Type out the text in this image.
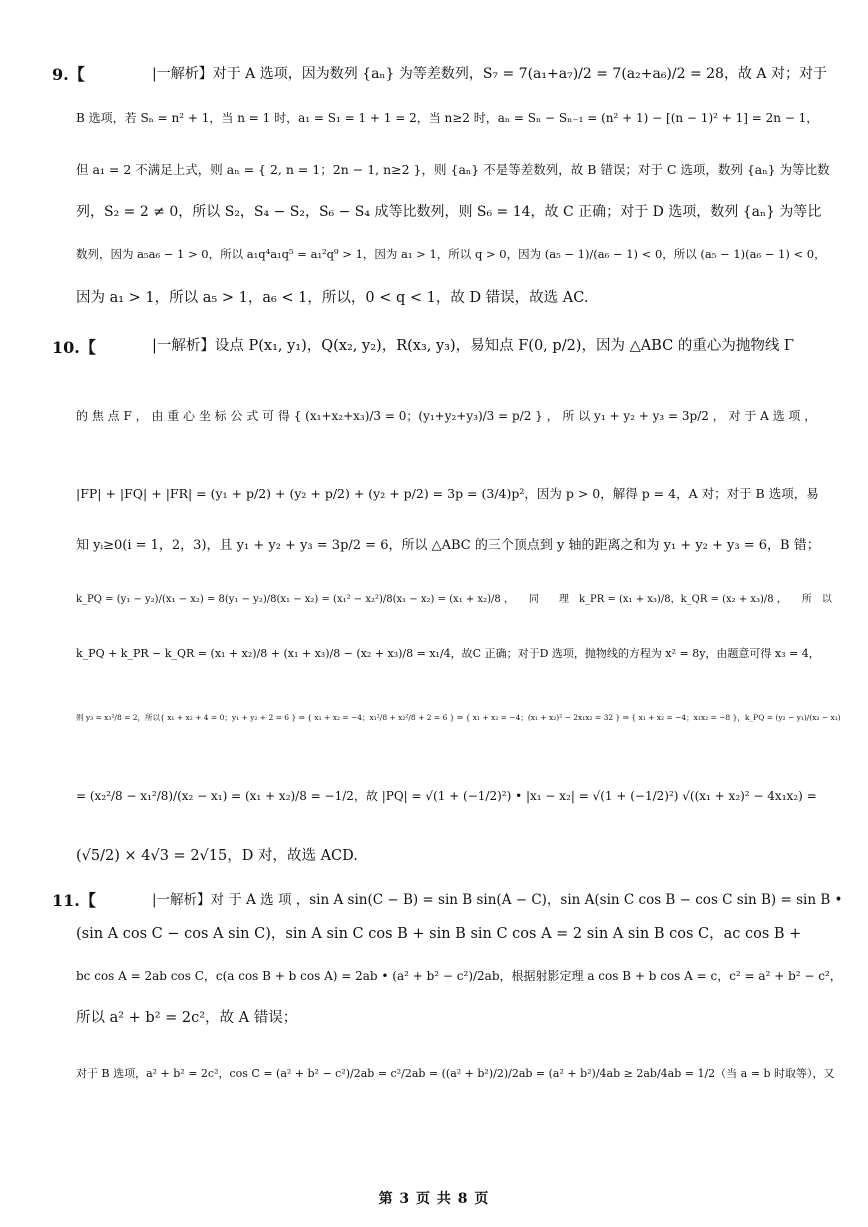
9.【	|一解析】对于 A 选项，因为数列 {aₙ} 为等差数列，S₇ = 7(a₁+a₇)/2 = 7(a₂+a₆)/2 = 28，故 A 对；对于
B 选项，若 Sₙ = n² + 1，当 n = 1 时，a₁ = S₁ = 1 + 1 = 2，当 n≥2 时，aₙ = Sₙ − Sₙ₋₁ = (n² + 1) − [(n − 1)² + 1] = 2n − 1，
但 a₁ = 2 不满足上式，则 aₙ = { 2, n = 1；2n − 1, n≥2 }，则 {aₙ} 不是等差数列，故 B 错误；对于 C 选项，数列 {aₙ} 为等比数
列，S₂ = 2 ≠ 0，所以 S₂，S₄ − S₂，S₆ − S₄ 成等比数列，则 S₆ = 14，故 C 正确；对于 D 选项，数列 {aₙ} 为等比
数列，因为 a₅a₆ − 1 > 0，所以 a₁q⁴a₁q⁵ = a₁²q⁹ > 1，因为 a₁ > 1，所以 q > 0，因为 (a₅ − 1)/(a₆ − 1) < 0，所以 (a₅ − 1)(a₆ − 1) < 0，
因为 a₁ > 1，所以 a₅ > 1，a₆ < 1，所以，0 < q < 1，故 D 错误，故选 AC.
10.【	|一解析】设点 P(x₁, y₁)，Q(x₂, y₂)，R(x₃, y₃)，易知点 F(0, p/2)，因为 △ABC 的重心为抛物线 Γ
的 焦 点 F ， 由 重 心 坐 标 公 式 可 得 { (x₁+x₂+x₃)/3 = 0；(y₁+y₂+y₃)/3 = p/2 } ， 所 以 y₁ + y₂ + y₃ = 3p/2 ， 对 于 A 选 项 ，
|FP| + |FQ| + |FR| = (y₁ + p/2) + (y₂ + p/2) + (y₂ + p/2) = 3p = (3/4)p²，因为 p > 0，解得 p = 4，A 对；对于 B 选项，易
知 yᵢ≥0(i = 1，2，3)，且 y₁ + y₂ + y₃ = 3p/2 = 6，所以 △ABC 的三个顶点到 y 轴的距离之和为 y₁ + y₂ + y₃ = 6，B 错；
k_PQ = (y₁ − y₂)/(x₁ − x₂) = 8(y₁ − y₂)/8(x₁ − x₂) = (x₁² − x₂²)/8(x₁ − x₂) = (x₁ + x₂)/8 ，　　同　　理　k_PR = (x₁ + x₃)/8，k_QR = (x₂ + x₃)/8 ，　　所　以
k_PQ + k_PR − k_QR = (x₁ + x₂)/8 + (x₁ + x₃)/8 − (x₂ + x₃)/8 = x₁/4，故C 正确；对于D 选项，抛物线的方程为 x² = 8y，由题意可得 x₃ = 4，
则 y₃ = x₃²/8 = 2，所以{ x₁ + x₂ + 4 = 0；y₁ + y₂ + 2 = 6 } ⇒ { x₁ + x₂ = −4；x₁²/8 + x₂²/8 + 2 = 6 } ⇒ { x₁ + x₂ = −4；(x₁ + x₂)² − 2x₁x₂ = 32 } ⇒ { x₁ + x₂ = −4；x₁x₂ = −8 }，k_PQ = (y₂ − y₁)/(x₂ − x₁)
= (x₂²/8 − x₁²/8)/(x₂ − x₁) = (x₁ + x₂)/8 = −1/2，故 |PQ| = √(1 + (−1/2)²) • |x₁ − x₂| = √(1 + (−1/2)²) √((x₁ + x₂)² − 4x₁x₂) =
(√5/2) × 4√3 = 2√15，D 对，故选 ACD.
11.【	|一解析】对 于 A 选 项 ，sin A sin(C − B) = sin B sin(A − C)，sin A(sin C cos B − cos C sin B) = sin B •
(sin A cos C − cos A sin C)，sin A sin C cos B + sin B sin C cos A = 2 sin A sin B cos C，ac cos B +
bc cos A = 2ab cos C，c(a cos B + b cos A) = 2ab • (a² + b² − c²)/2ab，根据射影定理 a cos B + b cos A = c，c² = a² + b² − c²，
所以 a² + b² = 2c²，故 A 错误；
对于 B 选项，a² + b² = 2c²，cos C = (a² + b² − c²)/2ab = c²/2ab = ((a² + b²)/2)/2ab = (a² + b²)/4ab ≥ 2ab/4ab = 1/2（当 a = b 时取等），又
第 3 页 共 8 页
